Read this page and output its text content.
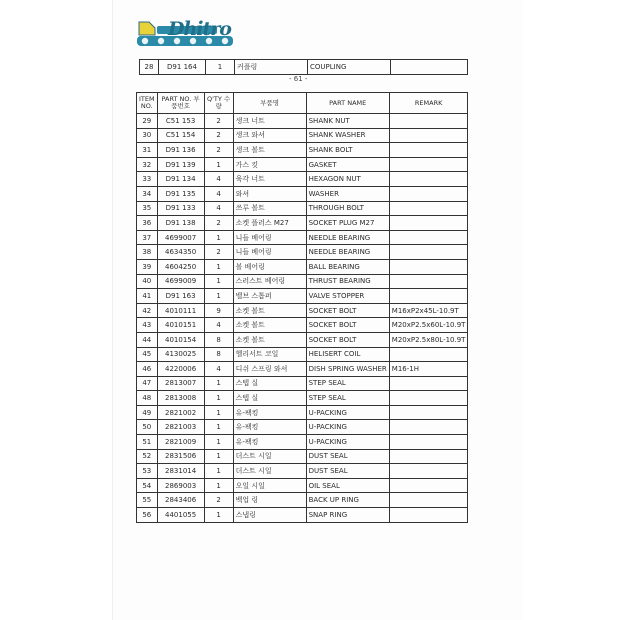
Dhitro
28	D91 164	1	커플링	COUPLING	
- 61 -
ITEM NO.	PART NO. 부품번호	Q'TY 수량	부품명	PART NAME	REMARK
29	C51 153	2	생크 너트	SHANK NUT	
30	C51 154	2	생크 와셔	SHANK WASHER	
31	D91 136	2	생크 볼트	SHANK BOLT	
32	D91 139	1	가스 킷	GASKET	
33	D91 134	4	육각 너트	HEXAGON NUT	
34	D91 135	4	와셔	WASHER	
35	D91 133	4	쓰루 볼트	THROUGH BOLT	
36	D91 138	2	소켓 플러스 M27	SOCKET PLUG M27	
37	4699007	1	니들 베어링	NEEDLE BEARING	
38	4634350	2	니들 베어링	NEEDLE BEARING	
39	4604250	1	볼 베어링	BALL BEARING	
40	4699009	1	스러스트 베어링	THRUST BEARING	
41	D91 163	1	밸브 스톱퍼	VALVE STOPPER	
42	4010111	9	소켓 볼트	SOCKET BOLT	M16xP2x45L-10.9T
43	4010151	4	소켓 볼트	SOCKET BOLT	M20xP2.5x60L-10.9T
44	4010154	8	소켓 볼트	SOCKET BOLT	M20xP2.5x80L-10.9T
45	4130025	8	헬리서트 코일	HELISERT COIL	
46	4220006	4	디쉬 스프링 와셔	DISH SPRING WASHER	M16-1H
47	2813007	1	스텝 실	STEP SEAL	
48	2813008	1	스텝 실	STEP SEAL	
49	2821002	1	유-팩킹	U-PACKING	
50	2821003	1	유-팩킹	U-PACKING	
51	2821009	1	유-팩킹	U-PACKING	
52	2831506	1	더스트 시일	DUST SEAL	
53	2831014	1	더스트 시일	DUST SEAL	
54	2869003	1	오일 시일	OIL SEAL	
55	2843406	2	백업 링	BACK UP RING	
56	4401055	1	스냅링	SNAP RING	
